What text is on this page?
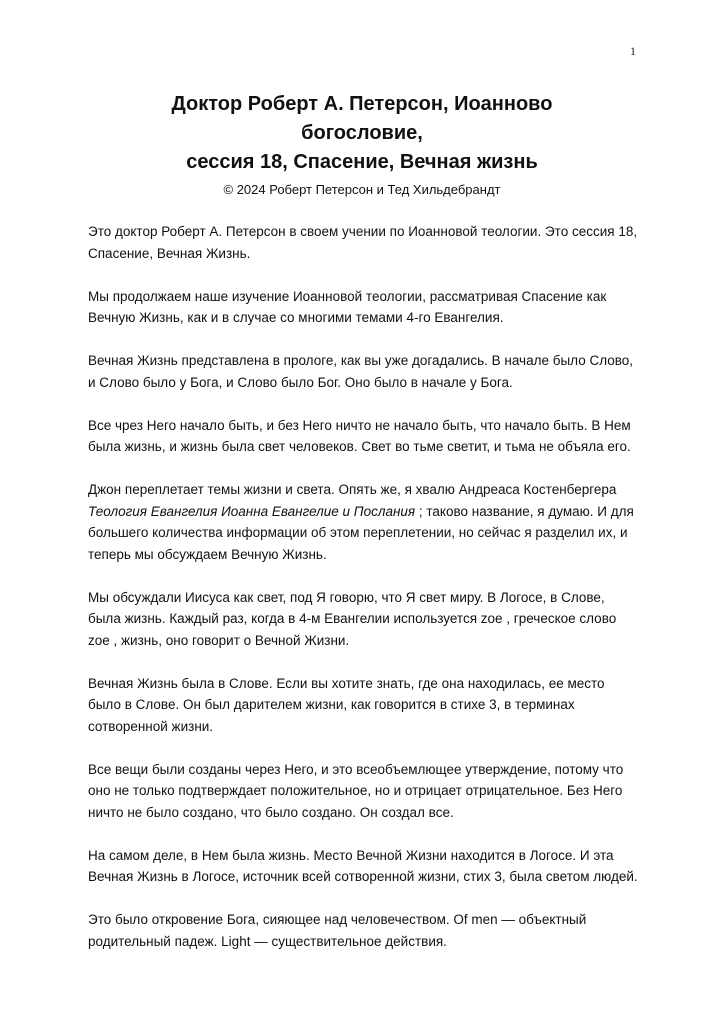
1
Доктор Роберт А. Петерсон, Иоанново
богословие,
сессия 18, Спасение, Вечная жизнь

© 2024 Роберт Петерсон и Тед Хильдебрандт

Это доктор Роберт А. Петерсон в своем учении по Иоанновой теологии. Это сессия 18, Спасение, Вечная Жизнь.

Мы продолжаем наше изучение Иоанновой теологии, рассматривая Спасение как Вечную Жизнь, как и в случае со многими темами 4-го Евангелия.

Вечная Жизнь представлена в прологе, как вы уже догадались. В начале было Слово, и Слово было у Бога, и Слово было Бог. Оно было в начале у Бога.

Все чрез Него начало быть, и без Него ничто не начало быть, что начало быть. В Нем была жизнь, и жизнь была свет человеков. Свет во тьме светит, и тьма не объяла его.

Джон переплетает темы жизни и света. Опять же, я хвалю Андреаса Костенбергера Теология Евангелия Иоанна Евангелие и Послания ; таково название, я думаю. И для большего количества информации об этом переплетении, но сейчас я разделил их, и теперь мы обсуждаем Вечную Жизнь.

Мы обсуждали Иисуса как свет, под Я говорю, что Я свет миру. В Логосе, в Слове, была жизнь. Каждый раз, когда в 4-м Евангелии используется zoe , греческое слово zoe , жизнь, оно говорит о Вечной Жизни.

Вечная Жизнь была в Слове. Если вы хотите знать, где она находилась, ее место было в Слове. Он был дарителем жизни, как говорится в стихе 3, в терминах сотворенной жизни.

Все вещи были созданы через Него, и это всеобъемлющее утверждение, потому что оно не только подтверждает положительное, но и отрицает отрицательное. Без Него ничто не было создано, что было создано. Он создал все.

На самом деле, в Нем была жизнь. Место Вечной Жизни находится в Логосе. И эта Вечная Жизнь в Логосе, источник всей сотворенной жизни, стих 3, была светом людей.

Это было откровение Бога, сияющее над человечеством. Of men — объектный родительный падеж. Light — существительное действия.
